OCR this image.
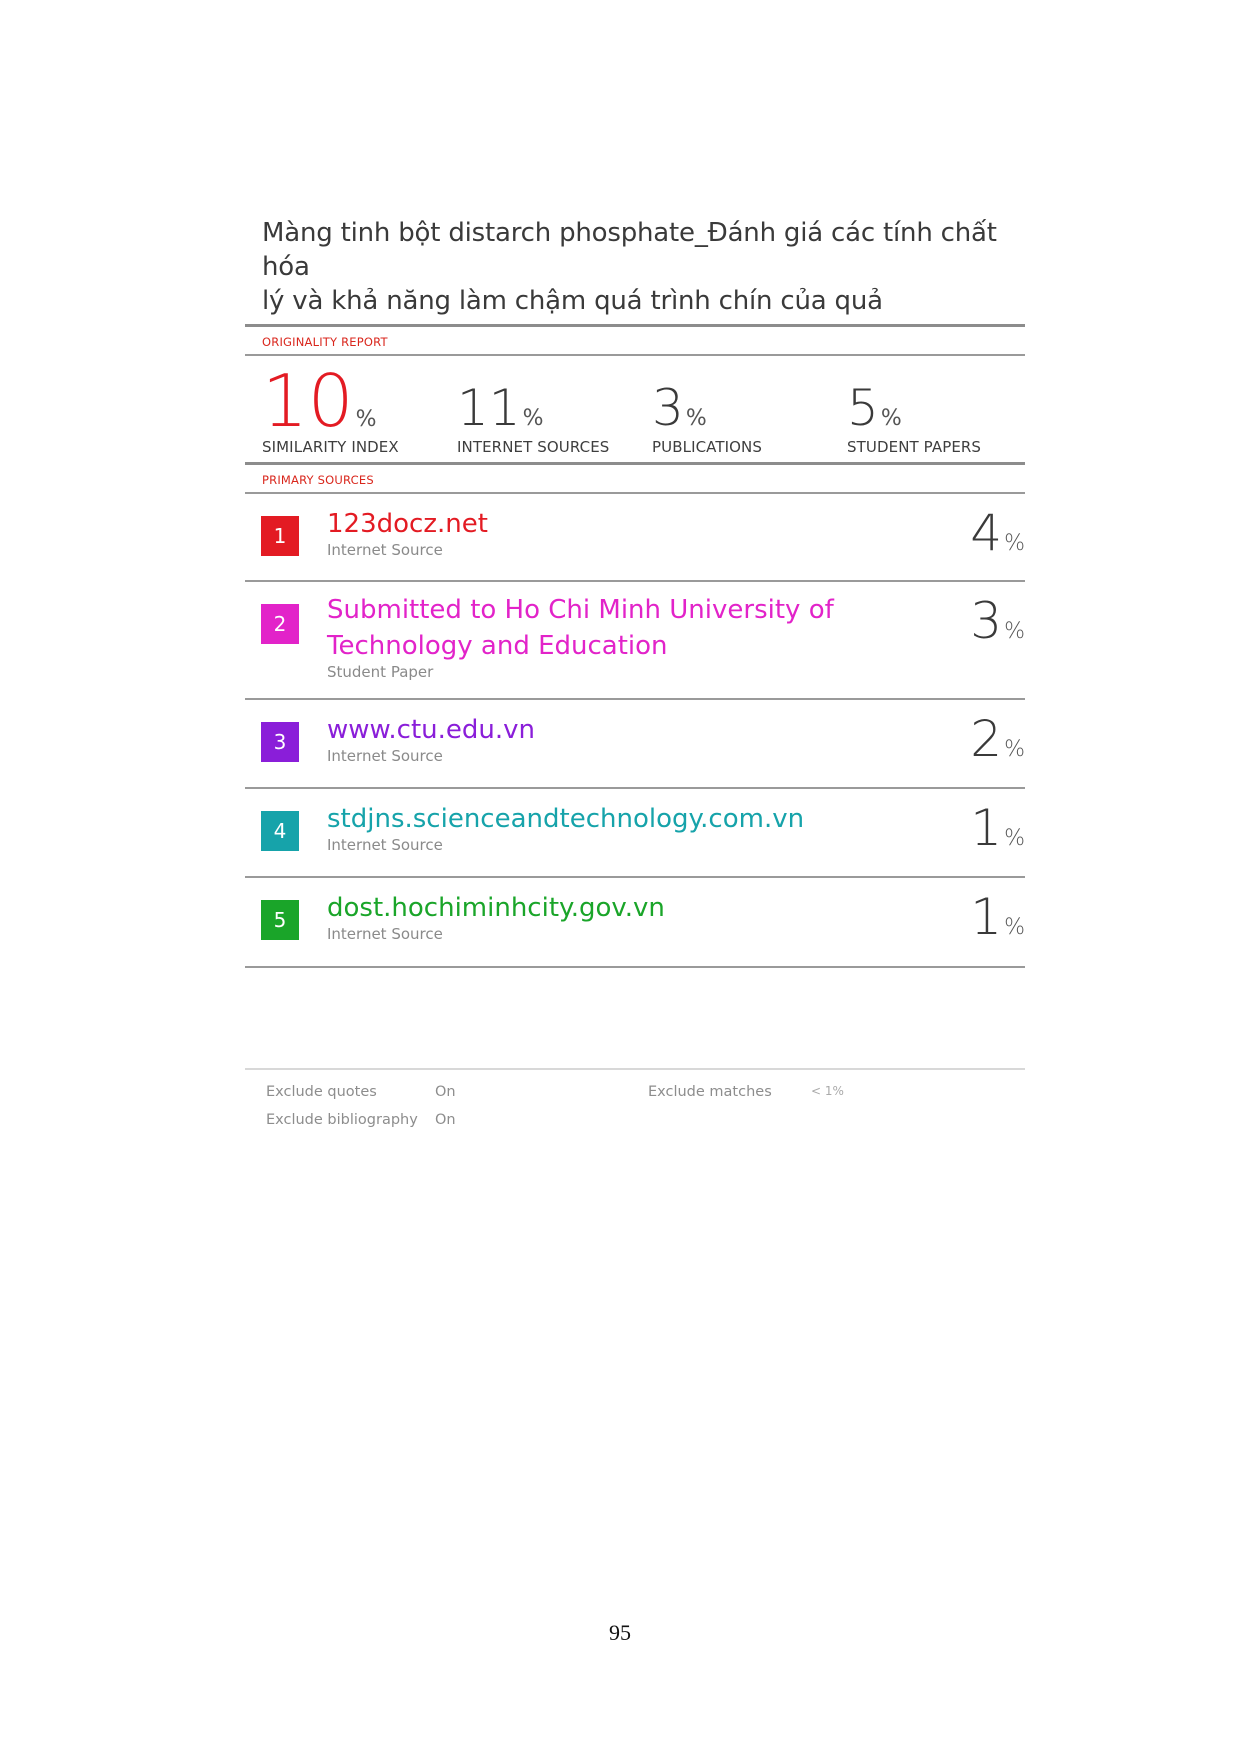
Màng tinh bột distarch phosphate_Đánh giá các tính chất hóa
lý và khả năng làm chậm quá trình chín của quả
ORIGINALITY REPORT
10%
SIMILARITY INDEX
11%
INTERNET SOURCES
3%
PUBLICATIONS
5%
STUDENT PAPERS
PRIMARY SOURCES
1	123docz.net
Internet Source	4%
2	Submitted to Ho Chi Minh University of
Technology and Education
Student Paper
3%
3	www.ctu.edu.vn
Internet Source	2%
4	stdjns.scienceandtechnology.com.vn
Internet Source	1%
5	dost.hochiminhcity.gov.vn
Internet Source	1%
Exclude quotes	On
Exclude bibliography On
Exclude matches	< 1%
95
